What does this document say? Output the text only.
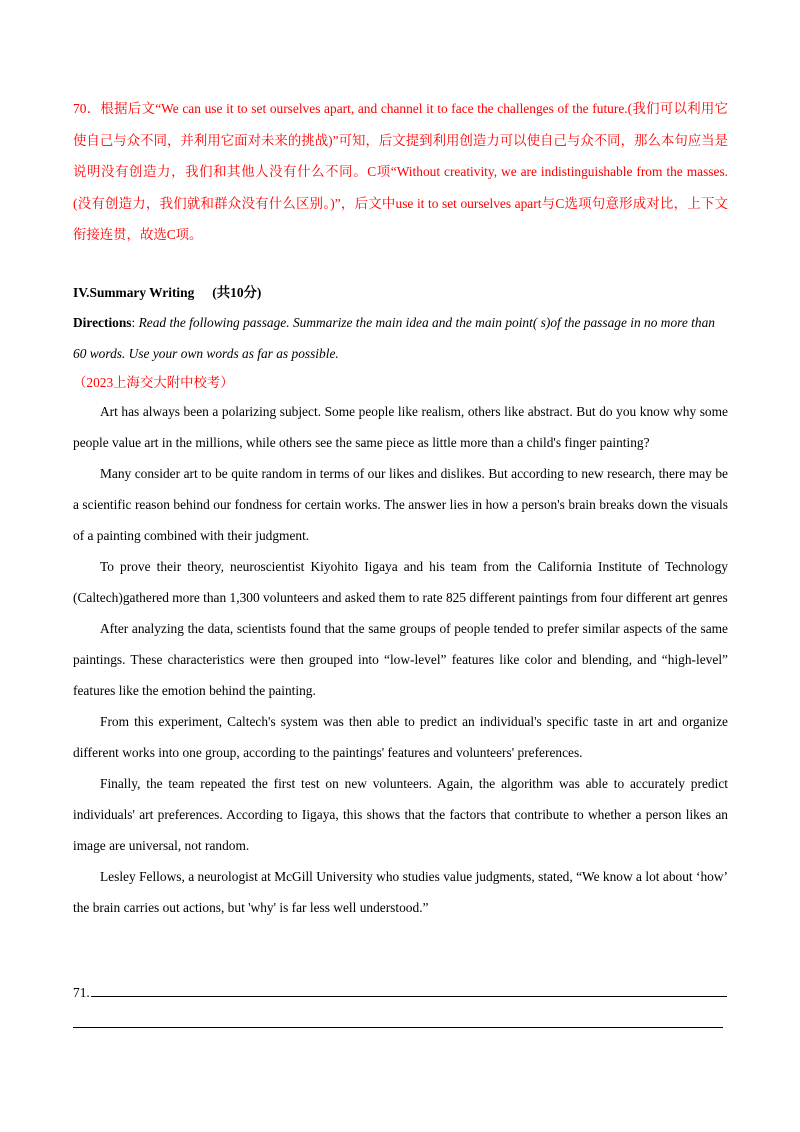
70．根据后文“We can use it to set ourselves apart, and channel it to face the challenges of the future.(我们可以利用它使自己与众不同，并利用它面对未来的挑战)”可知，后文提到利用创造力可以使自己与众不同，那么本句应当是说明没有创造力，我们和其他人没有什么不同。C项“Without creativity, we are indistinguishable from the masses. (没有创造力，我们就和群众没有什么区别。)”，后文中use it to set ourselves apart与C选项句意形成对比，上下文衔接连贯，故选C项。
IV.Summary Writing (共10分)
Directions: Read the following passage. Summarize the main idea and the main point( s)of the passage in no more than 60 words. Use your own words as far as possible.
（2023上海交大附中校考）

Art has always been a polarizing subject. Some people like realism, others like abstract. But do you know why some people value art in the millions, while others see the same piece as little more than a child's finger painting?

Many consider art to be quite random in terms of our likes and dislikes. But according to new research, there may be a scientific reason behind our fondness for certain works. The answer lies in how a person's brain breaks down the visuals of a painting combined with their judgment.

To prove their theory, neuroscientist Kiyohito Iigaya and his team from the California Institute of Technology (Caltech)gathered more than 1,300 volunteers and asked them to rate 825 different paintings from four different art genres

After analyzing the data, scientists found that the same groups of people tended to prefer similar aspects of the same paintings. These characteristics were then grouped into “low-level” features like color and blending, and “high-level” features like the emotion behind the painting.

From this experiment, Caltech's system was then able to predict an individual's specific taste in art and organize different works into one group, according to the paintings' features and volunteers' preferences.

Finally, the team repeated the first test on new volunteers. Again, the algorithm was able to accurately predict individuals' art preferences. According to Iigaya, this shows that the factors that contribute to whether a person likes an image are universal, not random.

Lesley Fellows, a neurologist at McGill University who studies value judgments, stated, “We know a lot about ‘how’ the brain carries out actions, but 'why' is far less well understood.”

71.
